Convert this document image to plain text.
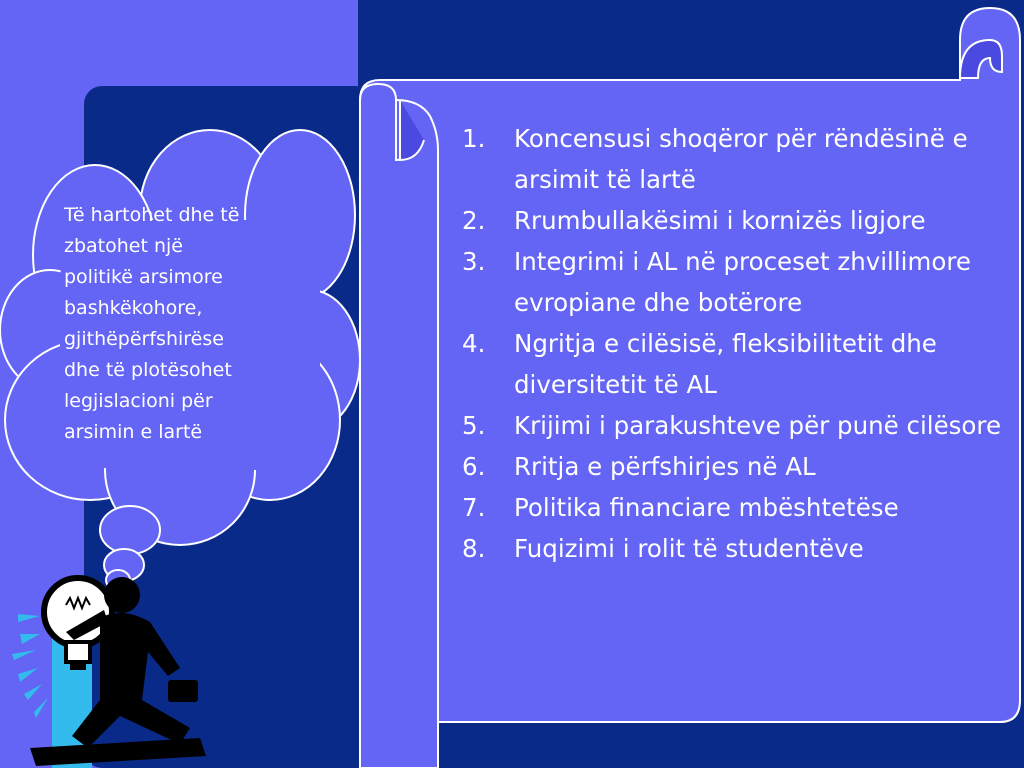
Të hartohet dhe të
zbatohet një
politikë arsimore
bashkëkohore,
gjithëpërfshirëse
dhe të plotësohet
legjislacioni për
arsimin e lartë
1. Koncensusi shoqëror për rëndësinë e arsimit të lartë
2. Rrumbullakësimi i kornizës ligjore
3. Integrimi i AL në proceset zhvillimore evropiane dhe botërore
4. Ngritja e cilësisë, fleksibilitetit dhe diversitetit të AL
5. Krijimi i parakushteve për punë cilësore
6. Rritja e përfshirjes në AL
7. Politika financiare mbështetëse
8. Fuqizimi i rolit të studentëve
